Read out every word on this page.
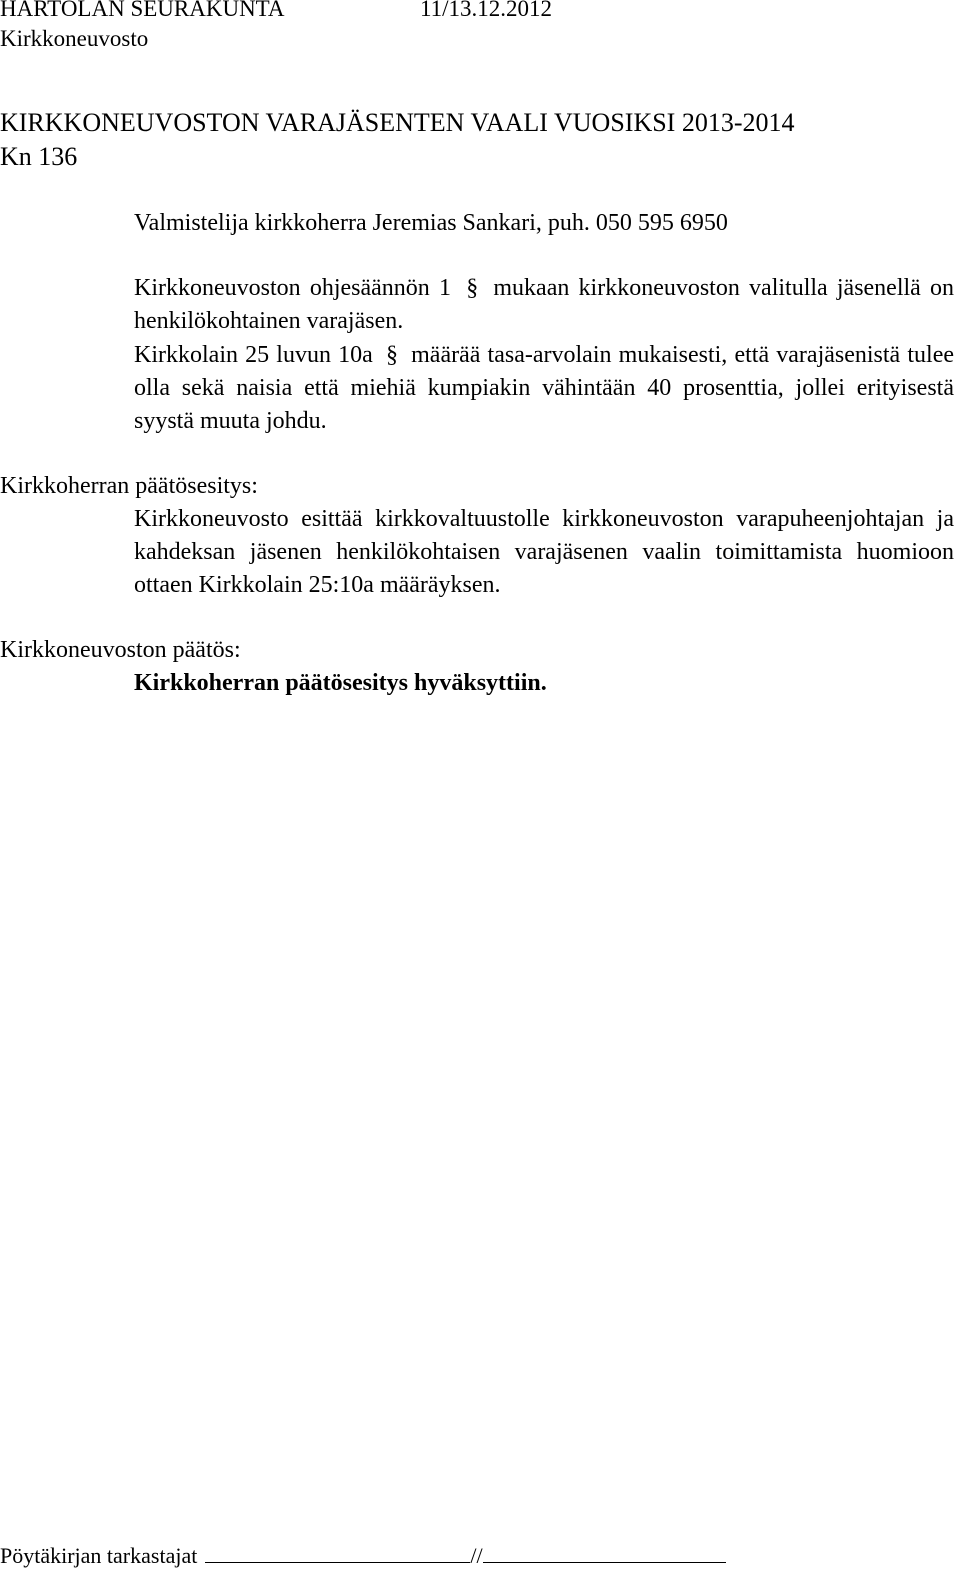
HARTOLAN SEURAKUNTA	11/13.12.2012
Kirkkoneuvosto
KIRKKONEUVOSTON VARAJÄSENTEN VAALI VUOSIKSI 2013-2014
Kn 136
Valmistelija kirkkoherra Jeremias Sankari, puh. 050 595 6950
Kirkkoneuvoston ohjesäännön 1 § mukaan kirkkoneuvoston valitulla jäsenellä on henkilökohtainen varajäsen.
Kirkkolain 25 luvun 10a § määrää tasa-arvolain mukaisesti, että varajäsenistä tulee olla sekä naisia että miehiä kumpiakin vähintään 40 prosenttia, jollei erityisestä syystä muuta johdu.
Kirkkoherran päätösesitys:
Kirkkoneuvosto esittää kirkkovaltuustolle kirkkoneuvoston varapuheenjohtajan ja kahdeksan jäsenen henkilökohtaisen varajäsenen vaalin toimittamista huomioon ottaen Kirkkolain 25:10a määräyksen.
Kirkkoneuvoston päätös:
Kirkkoherran päätösesitys hyväksyttiin.
Pöytäkirjan tarkastajat	//
